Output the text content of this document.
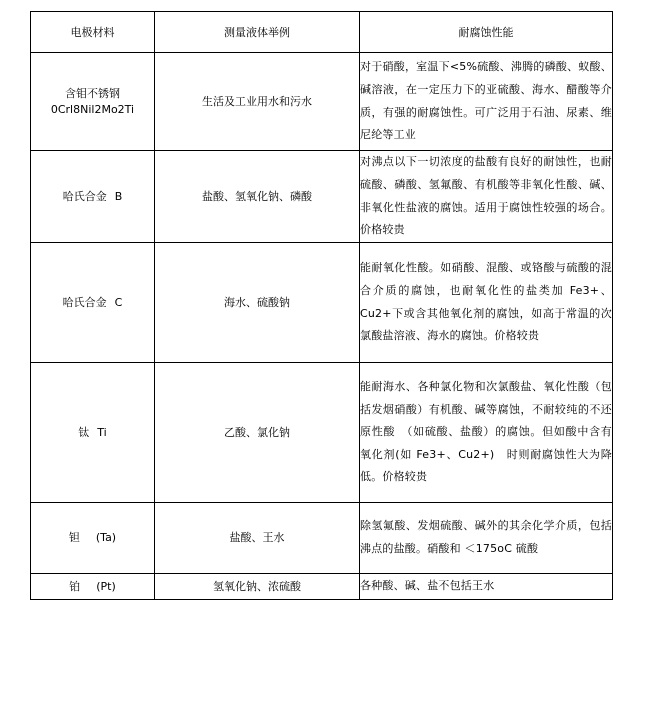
电极材料	测量液体举例	耐腐蚀性能

含钼不锈钢
0Crl8Nil2Mo2Ti	生活及工业用水和污水	对于硝酸，室温下<5%硫酸、沸腾的磷酸、蚁酸、碱溶液，在一定压力下的亚硫酸、海水、醋酸等介质，有强的耐腐蚀性。可广泛用于石油、尿素、维尼纶等工业
哈氏合金 B	盐酸、氢氧化钠、磷酸	对沸点以下一切浓度的盐酸有良好的耐蚀性，也耐硫酸、磷酸、氢氟酸、有机酸等非氧化性酸、碱、非氧化性盐液的腐蚀。适用于腐蚀性较强的场合。价格较贵
哈氏合金 C	海水、硫酸钠	能耐氧化性酸。如硝酸、混酸、或铬酸与硫酸的混合介质的腐蚀，也耐氧化性的盐类加 Fe3+、Cu2+下或含其他氧化剂的腐蚀，如高于常温的次氯酸盐溶液、海水的腐蚀。价格较贵
钛 Ti	乙酸、氯化钠	能耐海水、各种氯化物和次氯酸盐、氧化性酸（包括发烟硝酸）有机酸、碱等腐蚀，不耐较纯的不还原性酸　（如硫酸、盐酸）的腐蚀。但如酸中含有氧化剂(如 Fe3+、Cu2+)　时则耐腐蚀性大为降低。价格较贵
钽 (Ta)	盐酸、王水	除氢氟酸、发烟硫酸、碱外的其余化学介质，包括沸点的盐酸。硝酸和 ＜175oC 硫酸
铂 (Pt)	氢氧化钠、浓硫酸	各种酸、碱、盐不包括王水
